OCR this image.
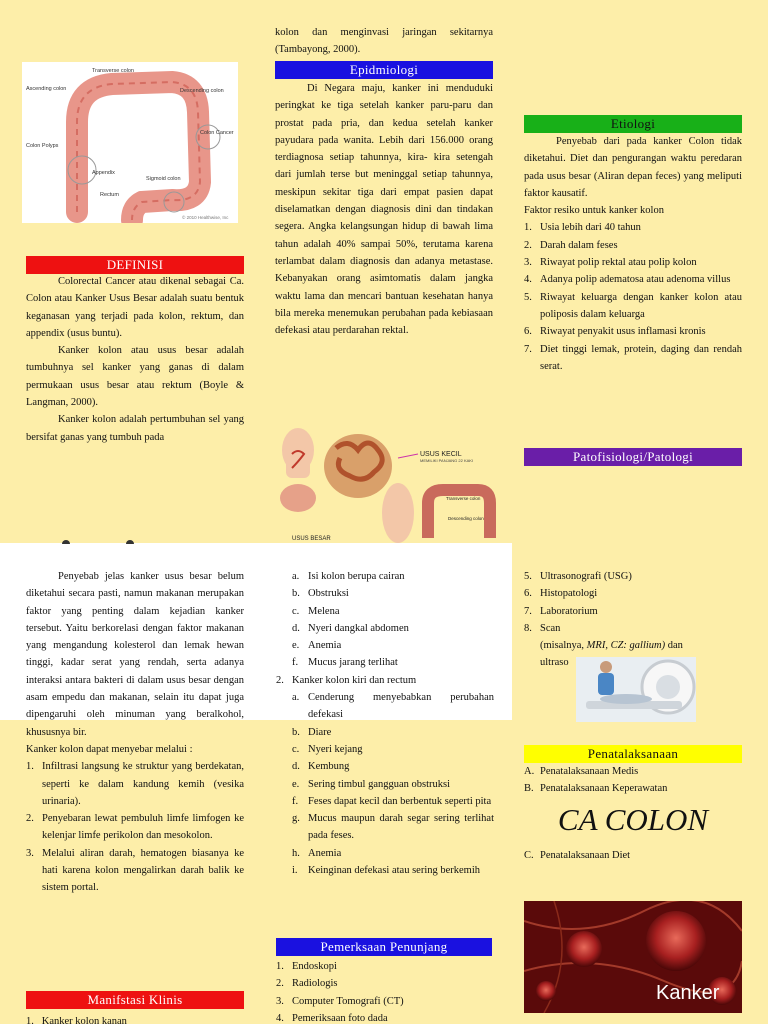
Transverse colon
Ascending colon	Descending colon
Colon Polyps
Appendix
Colon Cancer
Sigmoid colon
Rectum
© 2010 Healthwise, Inc
DEFINISI

Colorectal Cancer atau dikenal sebagai Ca. Colon atau Kanker Usus Besar adalah suatu bentuk keganasan yang terjadi pada kolon, rektum, dan appendix (usus buntu).

Kanker kolon atau usus besar adalah tumbuhnya sel kanker yang ganas di dalam permukaan usus besar atau rektum (Boyle & Langman, 2000).

Kanker kolon adalah pertumbuhan sel yang bersifat ganas yang tumbuh pada

kolon dan menginvasi jaringan sekitarnya (Tambayong, 2000).
Epidmiologi

Di Negara maju, kanker ini menduduki peringkat ke tiga setelah kanker paru-paru dan prostat pada pria, dan kedua setelah kanker payudara pada wanita. Lebih dari 156.000 orang terdiagnosa setiap tahunnya, kira- kira setengah dari jumlah terse but meninggal setiap tahunnya, meskipun sekitar tiga dari empat pasien dapat diselamatkan dengan diagnosis dini dan tindakan segera. Angka kelangsungan hidup di bawah lima tahun adalah 40% sampai 50%, terutama karena terlambat dalam diagnosis dan adanya metastase. Kebanyakan orang asimtomatis dalam jangka waktu lama dan mencari bantuan kesehatan hanya bila mereka menemukan perubahan pada kebiasaan defekasi atau perdarahan rektal.

USUS KECIL
MEMILIKI PANJANG 22 KAKI
Transverse colon
Descending colon
USUS BESAR
Etiologi

Penyebab dari pada kanker Colon tidak diketahui. Diet dan pengurangan waktu peredaran pada usus besar (Aliran depan feces) yang meliputi faktor kausatif.

Faktor resiko untuk kanker kolon

1. Usia lebih dari 40 tahun
2. Darah dalam feses
3. Riwayat polip rektal atau polip kolon
4. Adanya polip adematosa atau adenoma villus
5. Riwayat keluarga dengan kanker kolon atau poliposis dalam keluarga
6. Riwayat penyakit usus inflamasi kronis
7. Diet tinggi lemak, protein, daging dan rendah serat.
Patofisiologi/Patologi

Penyebab jelas kanker usus besar belum diketahui secara pasti, namun makanan merupakan faktor yang penting dalam kejadian kanker tersebut. Yaitu berkorelasi dengan faktor makanan yang mengandung kolesterol dan lemak hewan tinggi, kadar serat yang rendah, serta adanya interaksi antara bakteri di dalam usus besar dengan asam empedu dan makanan, selain itu dapat juga dipengaruhi oleh minuman yang beralkohol, khususnya bir.

Kanker kolon dapat menyebar melalui :

1. Infiltrasi langsung ke struktur yang berdekatan, seperti ke dalam kandung kemih (vesika urinaria).
2. Penyebaran lewat pembuluh limfe limfogen ke kelenjar limfe perikolon dan mesokolon.
3. Melalui aliran darah, hematogen biasanya ke hati karena kolon mengalirkan darah balik ke sistem portal.
Manifstasi Klinis
1.   Kanker kolon kanan
a. Isi kolon berupa cairan
b. Obstruksi
c. Melena
d. Nyeri dangkal abdomen
e. Anemia
f. Mucus jarang terlihat
2. Kanker kolon kiri dan rectum
a. Cenderung menyebabkan perubahan defekasi
b. Diare
c. Nyeri kejang
d. Kembung
e. Sering timbul gangguan obstruksi
f. Feses dapat kecil dan berbentuk seperti pita
g. Mucus maupun darah segar sering terlihat pada feses.
h. Anemia
i. Keinginan defekasi atau sering berkemih
Pemerksaan Penunjang
1. Endoskopi
2. Radiologis
3. Computer Tomografi (CT)
4. Pemeriksaan foto dada
5. Ultrasonografi (USG)
6. Histopatologi
7. Laboratorium
8. Scan

(misalnya, MRI, CZ: gallium) dan

ultraso

Penatalaksanaan
A. Penatalaksanaan Medis
B. Penatalaksanaan Keperawatan
CA COLON
C. Penatalaksanaan Diet
Kanker
